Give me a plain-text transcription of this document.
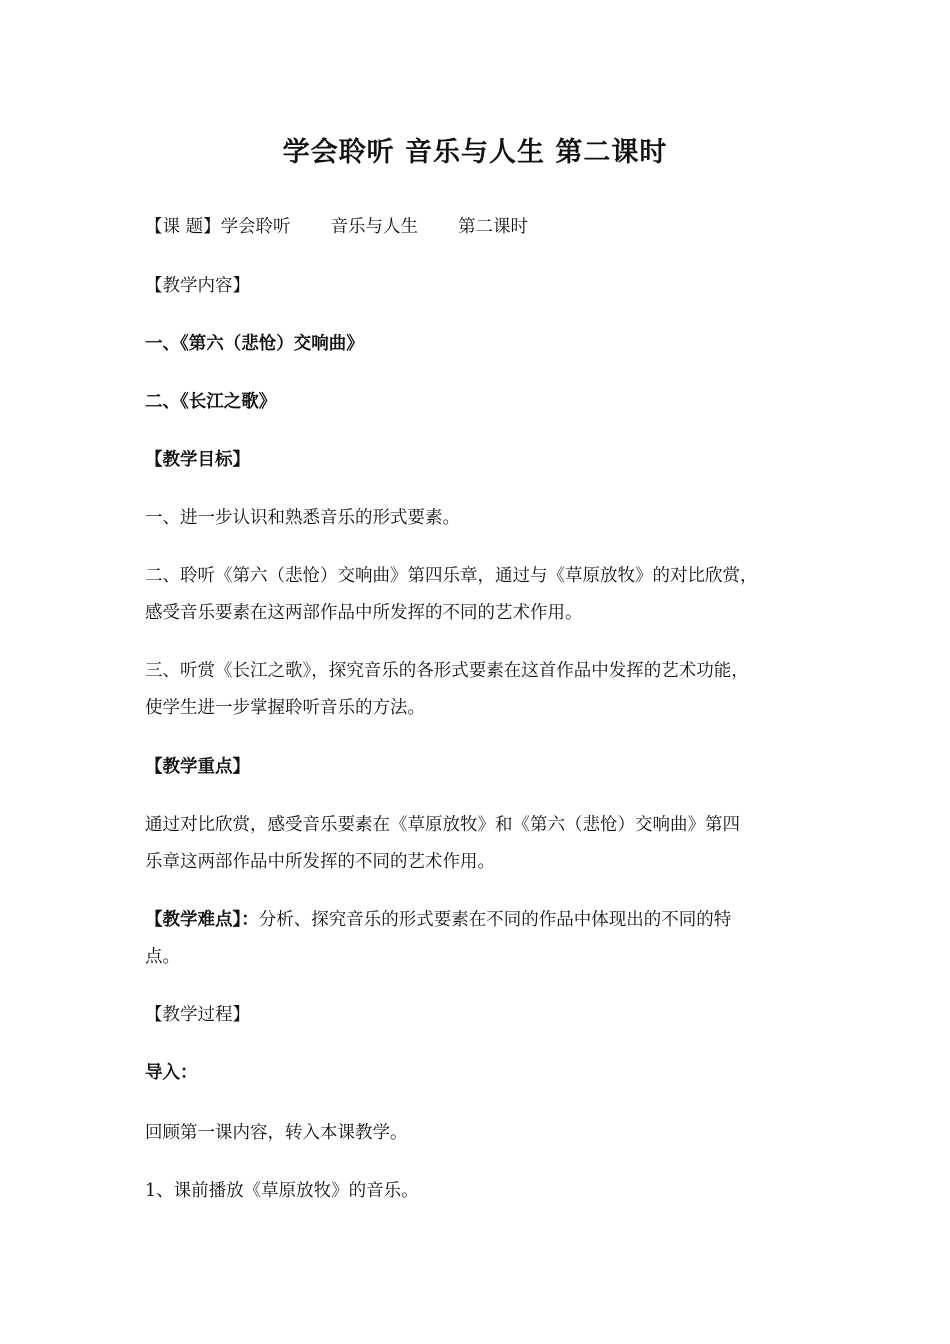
学会聆听 音乐与人生 第二课时
【课 题】学会聆听 音乐与人生 第二课时
【教学内容】
一、《第六（悲怆）交响曲》
二、《长江之歌》
【教学目标】
一、进一步认识和熟悉音乐的形式要素。
二、聆听《第六（悲怆）交响曲》第四乐章，通过与《草原放牧》的对比欣赏，
感受音乐要素在这两部作品中所发挥的不同的艺术作用。
三、听赏《长江之歌》，探究音乐的各形式要素在这首作品中发挥的艺术功能，
使学生进一步掌握聆听音乐的方法。
【教学重点】
通过对比欣赏，感受音乐要素在《草原放牧》和《第六（悲怆）交响曲》第四
乐章这两部作品中所发挥的不同的艺术作用。
【教学难点】：分析、探究音乐的形式要素在不同的作品中体现出的不同的特
点。
【教学过程】
导入：
回顾第一课内容，转入本课教学。
1、课前播放《草原放牧》的音乐。
